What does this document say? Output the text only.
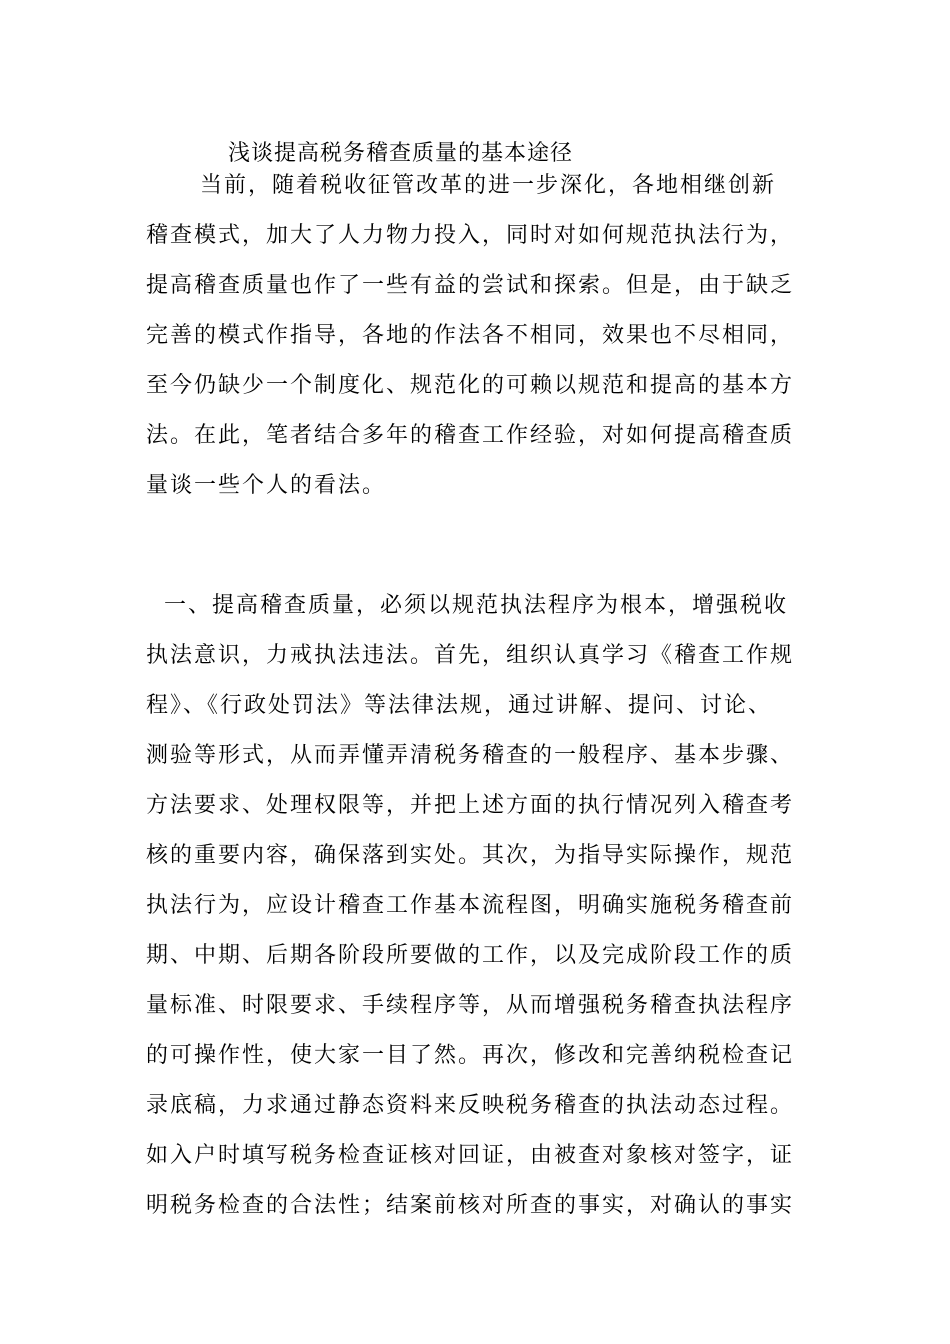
浅谈提高税务稽查质量的基本途径

当前，随着税收征管改革的进一步深化，各地相继创新
稽查模式，加大了人力物力投入，同时对如何规范执法行为，
提高稽查质量也作了一些有益的尝试和探索。但是，由于缺乏
完善的模式作指导，各地的作法各不相同，效果也不尽相同，
至今仍缺少一个制度化、规范化的可赖以规范和提高的基本方
法。在此，笔者结合多年的稽查工作经验，对如何提高稽查质
量谈一些个人的看法。

一、提高稽查质量，必须以规范执法程序为根本，增强税收
执法意识，力戒执法违法。首先，组织认真学习《稽查工作规
程》、《行政处罚法》等法律法规，通过讲解、提问、讨论、
测验等形式，从而弄懂弄清税务稽查的一般程序、基本步骤、
方法要求、处理权限等，并把上述方面的执行情况列入稽查考
核的重要内容，确保落到实处。其次，为指导实际操作，规范
执法行为，应设计稽查工作基本流程图，明确实施税务稽查前
期、中期、后期各阶段所要做的工作，以及完成阶段工作的质
量标准、时限要求、手续程序等，从而增强税务稽查执法程序
的可操作性，使大家一目了然。再次，修改和完善纳税检查记
录底稿，力求通过静态资料来反映税务稽查的执法动态过程。
如入户时填写税务检查证核对回证，由被查对象核对签字，证
明税务检查的合法性；结案前核对所查的事实，对确认的事实
